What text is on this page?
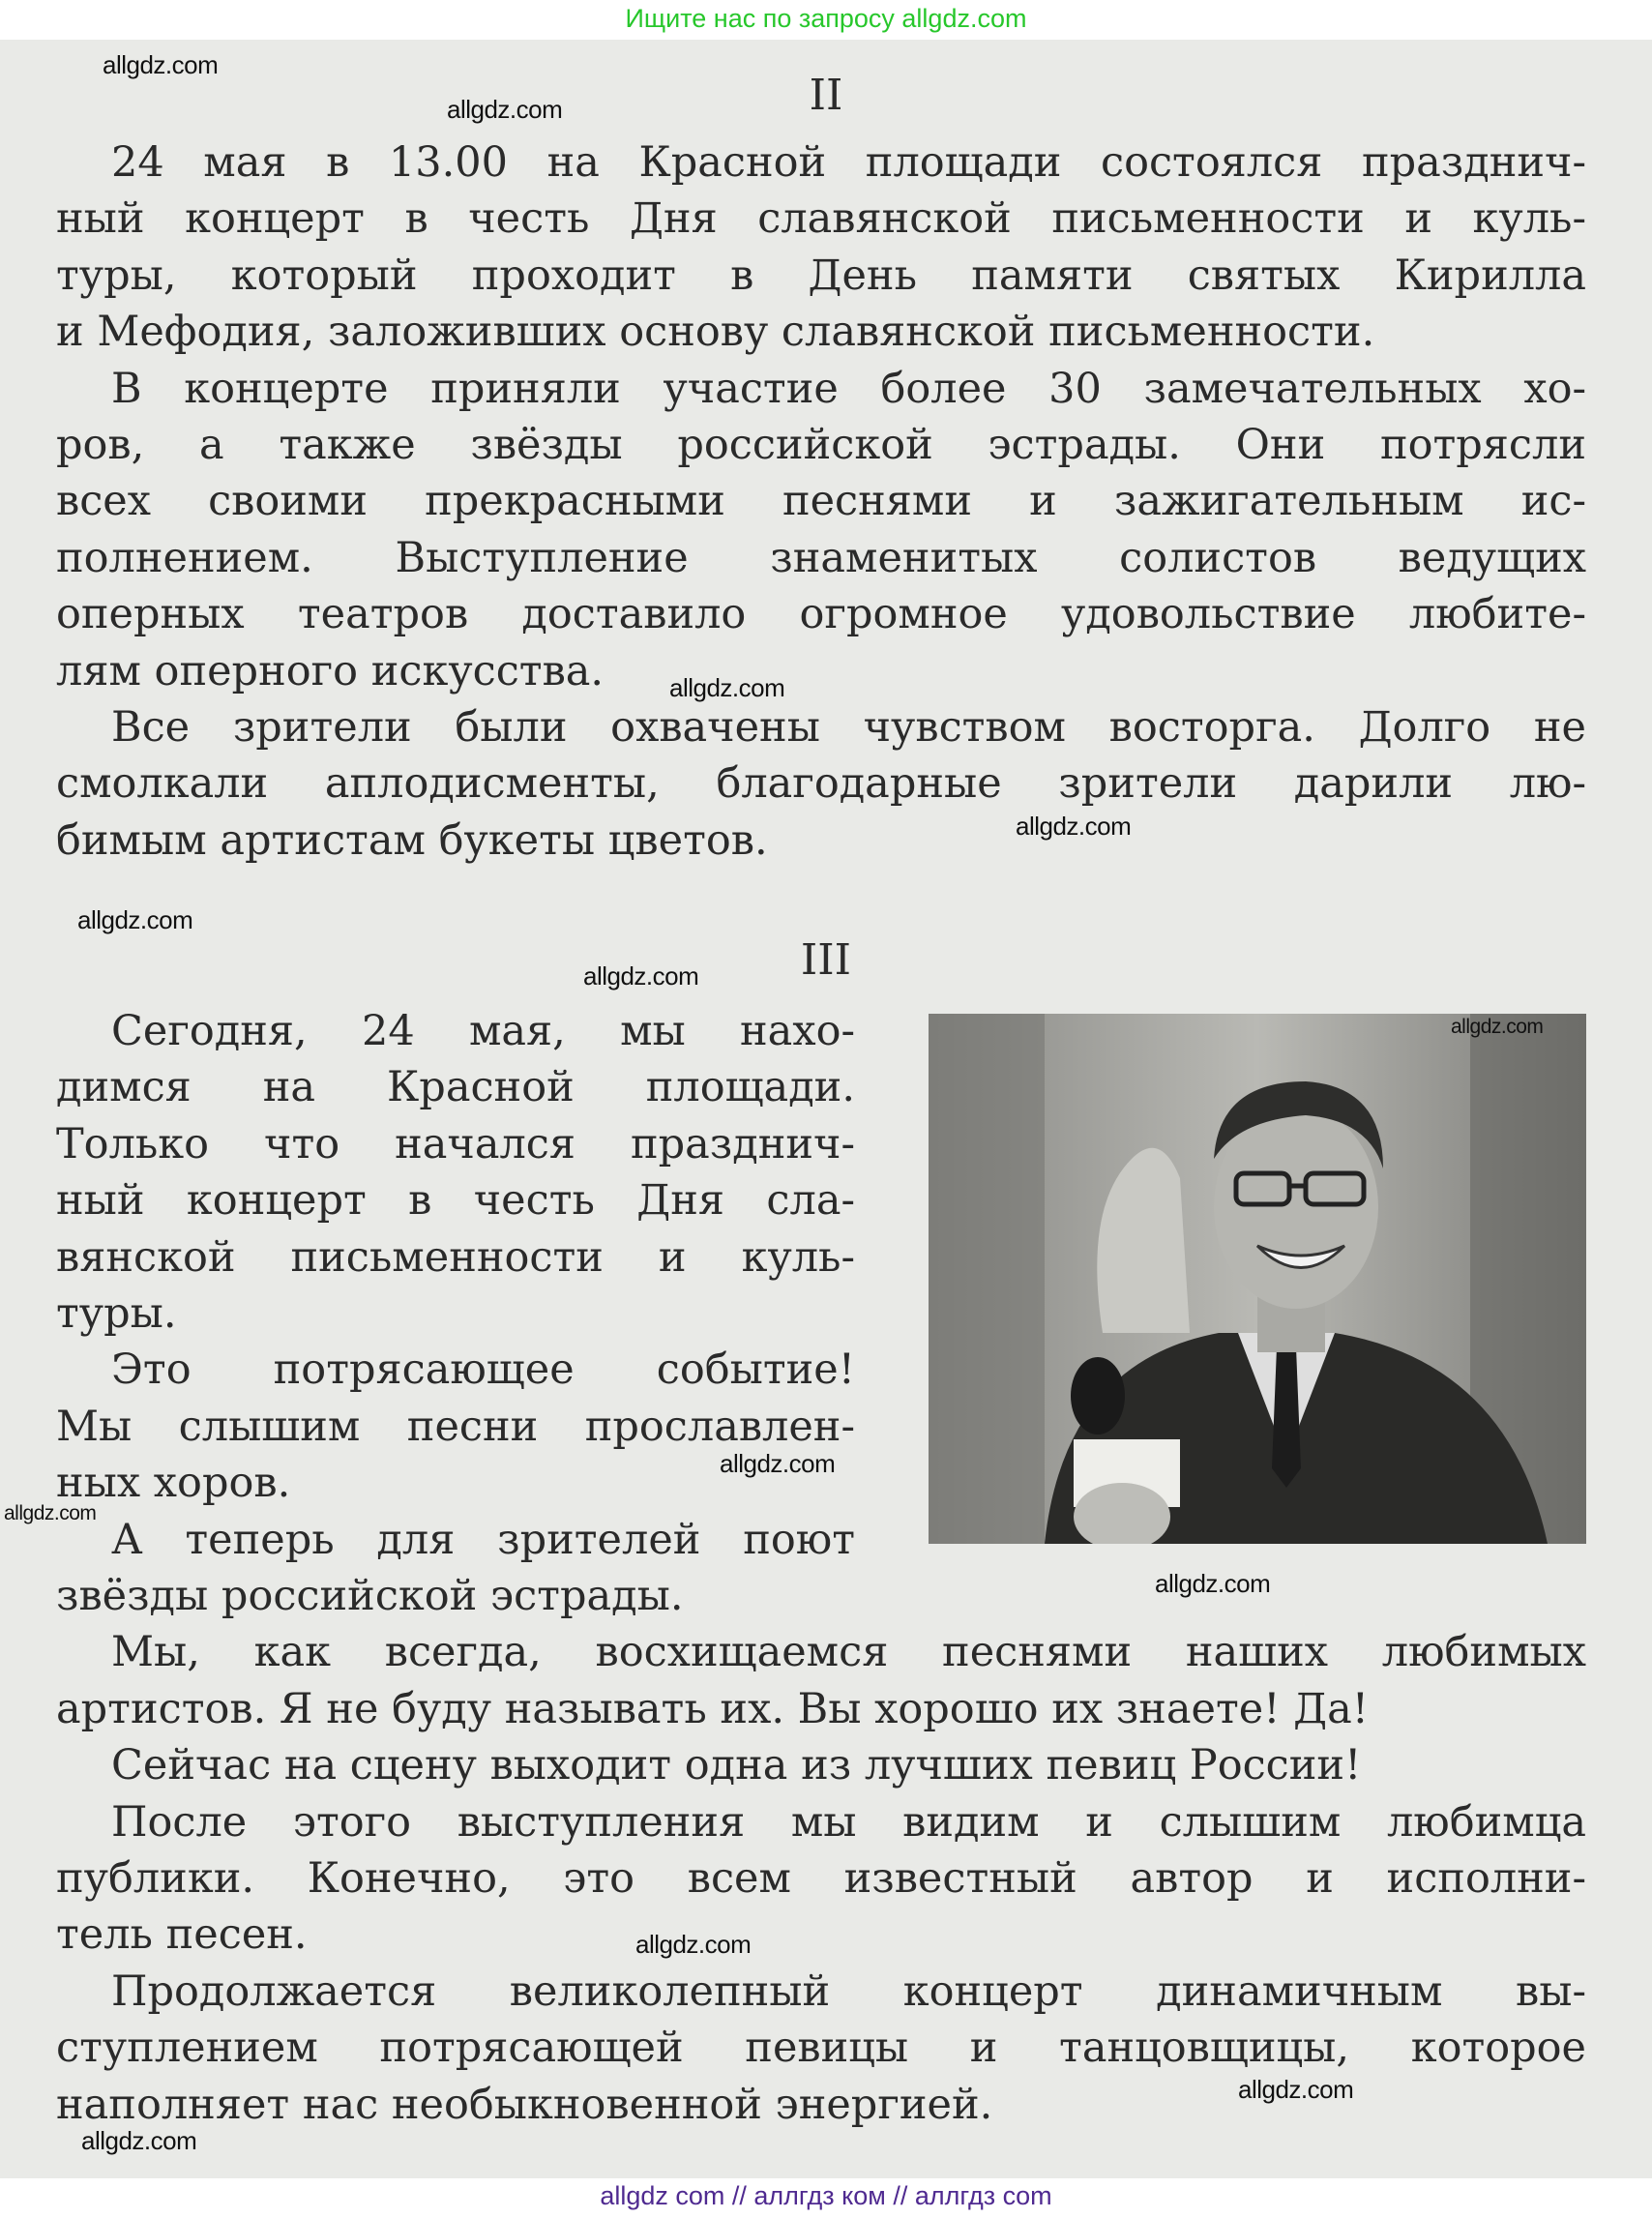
Ищите нас по запросу allgdz.com
II
24 мая в 13.00 на Красной площади состоялся празднич-
ный концерт в честь Дня славянской письменности и куль-
туры, который проходит в День памяти святых Кирилла
и Мефодия, заложивших основу славянской письменности.
В концерте приняли участие более 30 замечательных хо-
ров, а также звёзды российской эстрады. Они потрясли
всех своими прекрасными песнями и зажигательным ис-
полнением. Выступление знаменитых солистов ведущих
оперных театров доставило огромное удовольствие любите-
лям оперного искусства.
Все зрители были охвачены чувством восторга. Долго не
смолкали аплодисменты, благодарные зрители дарили лю-
бимым артистам букеты цветов.
III
Сегодня, 24 мая, мы нахо-
димся на Красной площади.
Только что начался празднич-
ный концерт в честь Дня сла-
вянской письменности и куль-
туры.
Это потрясающее событие!
Мы слышим песни прославлен-
ных хоров.
А теперь для зрителей поют
звёзды российской эстрады.
Мы, как всегда, восхищаемся песнями наших любимых
артистов. Я не буду называть их. Вы хорошо их знаете! Да!
Сейчас на сцену выходит одна из лучших певиц России!
После этого выступления мы видим и слышим любимца
публики. Конечно, это всем известный автор и исполни-
тель песен.
Продолжается великолепный концерт динамичным вы-
ступлением потрясающей певицы и танцовщицы, которое
наполняет нас необыкновенной энергией.
allgdz com // аллгдз ком // аллгдз com
allgdz.com
allgdz.com
allgdz.com
allgdz.com
allgdz.com
allgdz.com
allgdz.com
allgdz.com
allgdz.com
allgdz.com
allgdz.com
allgdz.com
allgdz.com
